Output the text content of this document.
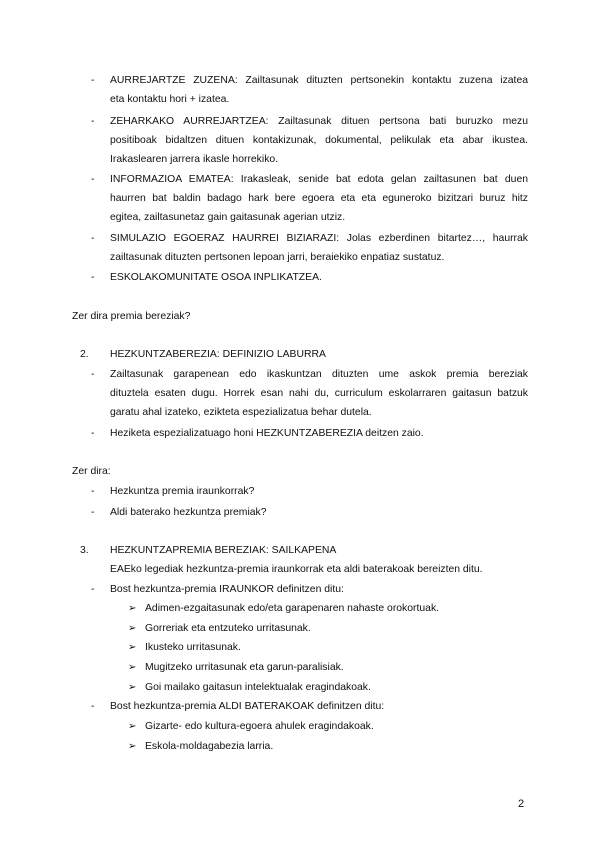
- AURREJARTZE ZUZENA: Zailtasunak dituzten pertsonekin kontaktu zuzena izatea
eta kontaktu hori + izatea.
- ZEHARKAKO AURREJARTZEA: Zailtasunak dituen pertsona bati buruzko mezu
positiboak bidaltzen dituen kontakizunak, dokumental, pelikulak eta abar ikustea.
Irakaslearen jarrera ikasle horrekiko.
- INFORMAZIOA EMATEA: Irakasleak, senide bat edota gelan zailtasunen bat duen
haurren bat baldin badago hark bere egoera eta eta eguneroko bizitzari buruz hitz
egitea, zailtasunetaz gain gaitasunak agerian utziz.
- SIMULAZIO EGOERAZ HAURREI BIZIARAZI: Jolas ezberdinen bitartez…, haurrak
zailtasunak dituzten pertsonen lepoan jarri, beraiekiko enpatiaz sustatuz.
- ESKOLAKOMUNITATE OSOA INPLIKATZEA.
Zer dira premia bereziak?
2. HEZKUNTZABEREZIA: DEFINIZIO LABURRA
- Zailtasunak garapenean edo ikaskuntzan dituzten ume askok premia bereziak
dituztela esaten dugu. Horrek esan nahi du, curriculum eskolarraren gaitasun batzuk
garatu ahal izateko, ezikteta espezializatua behar dutela.
- Heziketa espezializatuago honi HEZKUNTZABEREZIA deitzen zaio.
Zer dira:
- Hezkuntza premia iraunkorrak?
- Aldi baterako hezkuntza premiak?
3. HEZKUNTZAPREMIA BEREZIAK: SAILKAPENA
EAEko legediak hezkuntza-premia iraunkorrak eta aldi baterakoak bereizten ditu.
- Bost hezkuntza-premia IRAUNKOR definitzen ditu:
➢ Adimen-ezgaitasunak edo/eta garapenaren nahaste orokortuak.
➢ Gorreriak eta entzuteko urritasunak.
➢ Ikusteko urritasunak.
➢ Mugitzeko urritasunak eta garun-paralisiak.
➢ Goi mailako gaitasun intelektualak eragindakoak.
- Bost hezkuntza-premia ALDI BATERAKOAK definitzen ditu:
➢ Gizarte- edo kultura-egoera ahulek eragindakoak.
➢ Eskola-moldagabezia larria.
2
